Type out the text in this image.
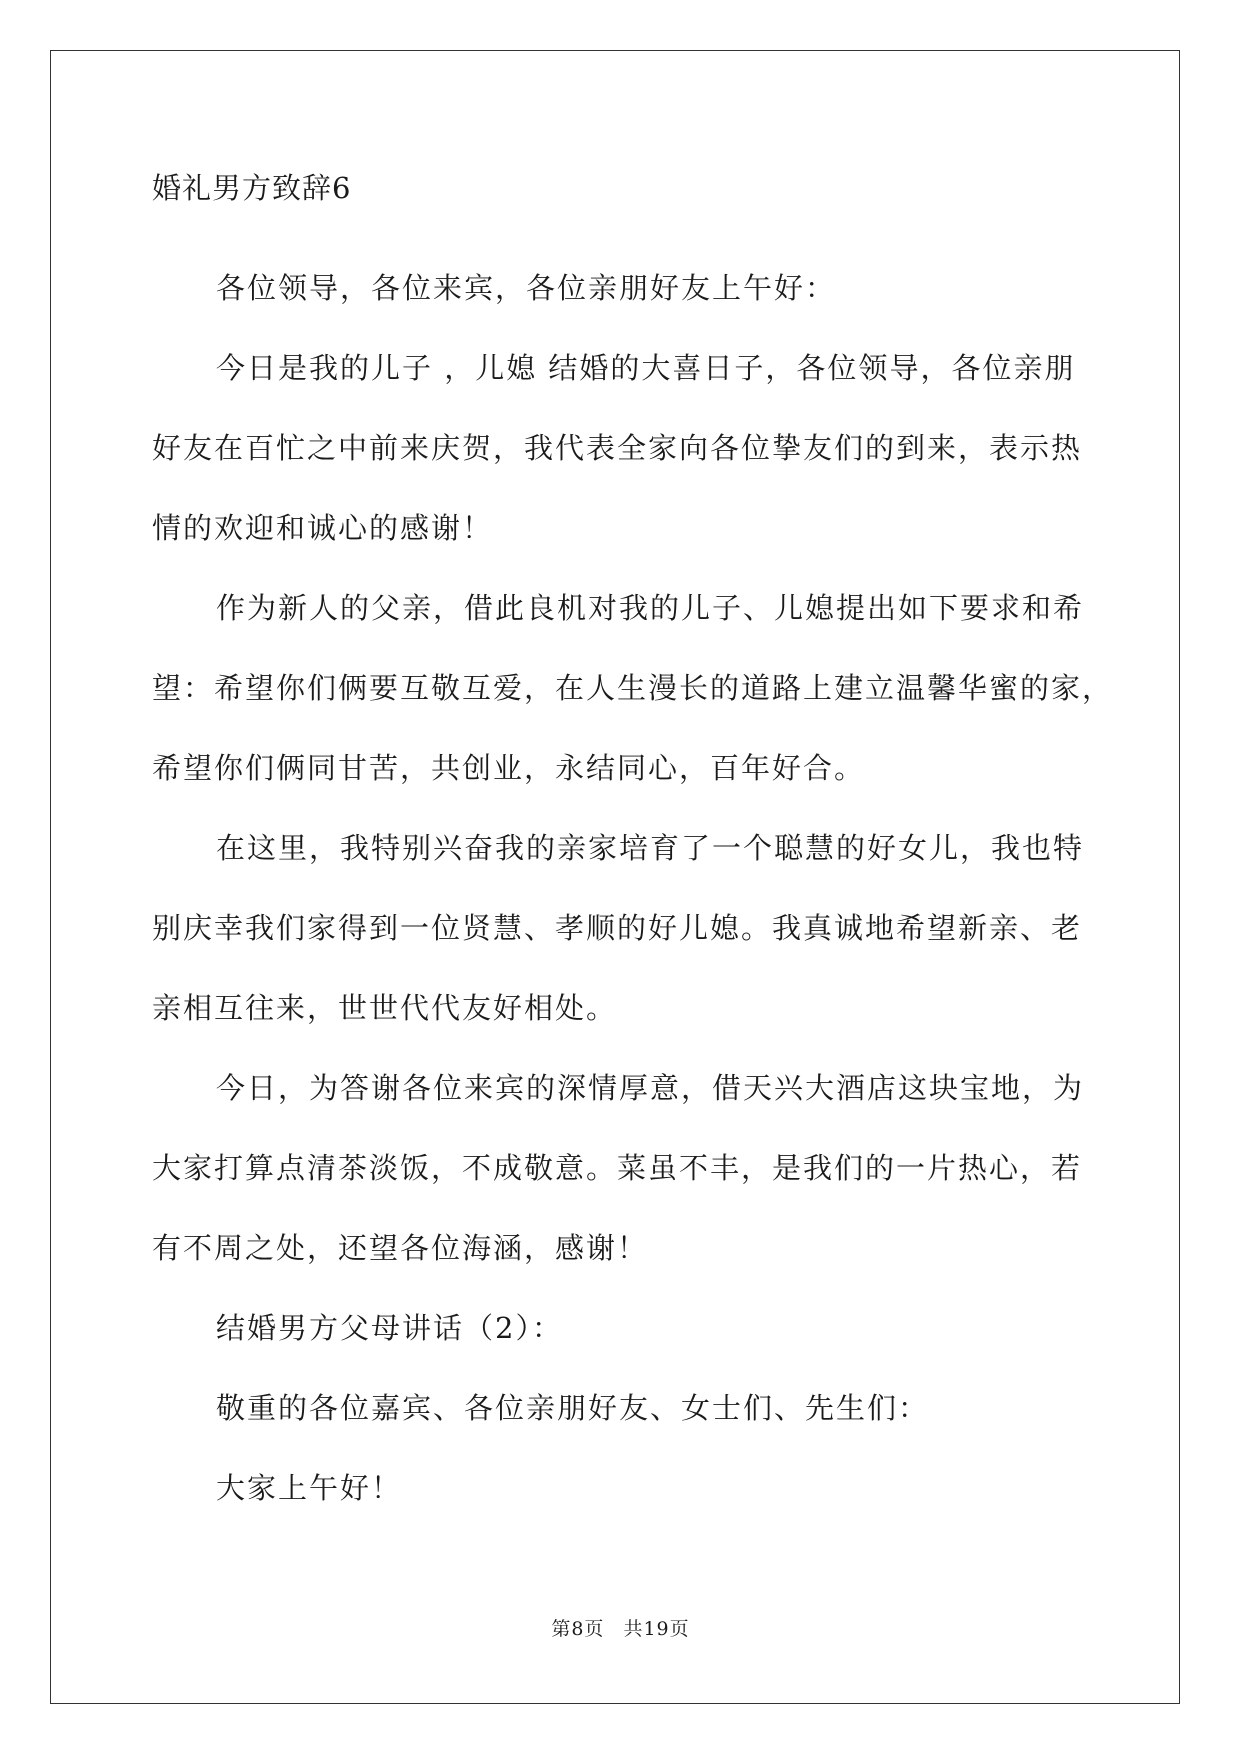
婚礼男方致辞6
各位领导，各位来宾，各位亲朋好友上午好：
今日是我的儿子 ，儿媳 结婚的大喜日子，各位领导，各位亲朋
好友在百忙之中前来庆贺，我代表全家向各位挚友们的到来，表示热
情的欢迎和诚心的感谢！
作为新人的父亲，借此良机对我的儿子、儿媳提出如下要求和希
望：希望你们俩要互敬互爱，在人生漫长的道路上建立温馨华蜜的家，
希望你们俩同甘苦，共创业，永结同心，百年好合。
在这里，我特别兴奋我的亲家培育了一个聪慧的好女儿，我也特
别庆幸我们家得到一位贤慧、孝顺的好儿媳。我真诚地希望新亲、老
亲相互往来，世世代代友好相处。
今日，为答谢各位来宾的深情厚意，借天兴大酒店这块宝地，为
大家打算点清茶淡饭，不成敬意。菜虽不丰，是我们的一片热心，若
有不周之处，还望各位海涵，感谢！
结婚男方父母讲话（2）：
敬重的各位嘉宾、各位亲朋好友、女士们、先生们：
大家上午好！
第8页 共19页
